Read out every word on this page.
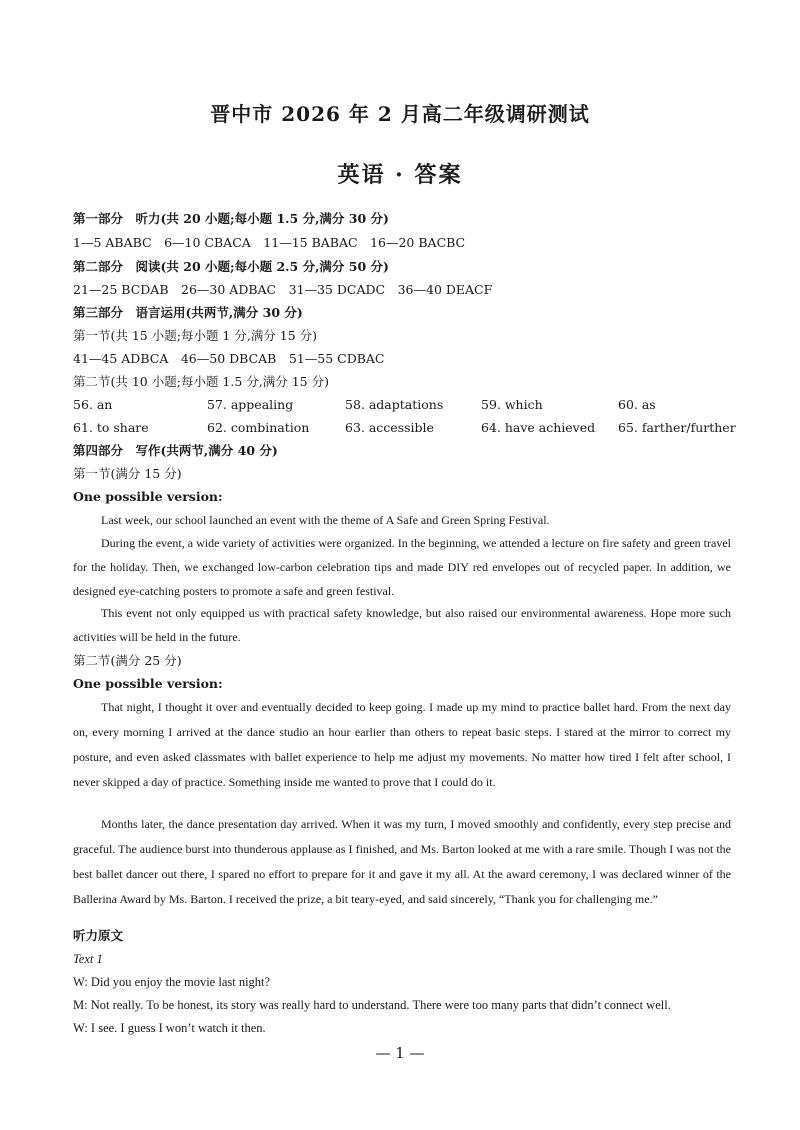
晋中市 2026 年 2 月高二年级调研测试
英语 · 答案
第一部分　听力(共 20 小题;每小题 1.5 分,满分 30 分)
1—5 ABABC　6—10 CBACA　11—15 BABAC　16—20 BACBC
第二部分　阅读(共 20 小题;每小题 2.5 分,满分 50 分)
21—25 BCDAB　26—30 ADBAC　31—35 DCADC　36—40 DEACF
第三部分　语言运用(共两节,满分 30 分)
第一节(共 15 小题;每小题 1 分,满分 15 分)
41—45 ADBCA　46—50 DBCAB　51—55 CDBAC
第二节(共 10 小题;每小题 1.5 分,满分 15 分)
56. an	57. appealing	58. adaptations	59. which	60. as
61. to share	62. combination	63. accessible	64. have achieved 65. farther/further
第四部分　写作(共两节,满分 40 分)
第一节(满分 15 分)
One possible version:
Last week, our school launched an event with the theme of A Safe and Green Spring Festival.
During the event, a wide variety of activities were organized. In the beginning, we attended a lecture on fire safety and green travel for the holiday. Then, we exchanged low-carbon celebration tips and made DIY red envelopes out of recycled paper. In addition, we designed eye-catching posters to promote a safe and green festival.
This event not only equipped us with practical safety knowledge, but also raised our environmental awareness. Hope more such activities will be held in the future.
第二节(满分 25 分)
One possible version:
That night, I thought it over and eventually decided to keep going. I made up my mind to practice ballet hard. From the next day on, every morning I arrived at the dance studio an hour earlier than others to repeat basic steps. I stared at the mirror to correct my posture, and even asked classmates with ballet experience to help me adjust my movements. No matter how tired I felt after school, I never skipped a day of practice. Something inside me wanted to prove that I could do it.
Months later, the dance presentation day arrived. When it was my turn, I moved smoothly and confidently, every step precise and graceful. The audience burst into thunderous applause as I finished, and Ms. Barton looked at me with a rare smile. Though I was not the best ballet dancer out there, I spared no effort to prepare for it and gave it my all. At the award ceremony, I was declared winner of the Ballerina Award by Ms. Barton. I received the prize, a bit teary-eyed, and said sincerely, “Thank you for challenging me.”
听力原文
Text 1
W: Did you enjoy the movie last night?
M: Not really. To be honest, its story was really hard to understand. There were too many parts that didn’t connect well.
W: I see. I guess I won’t watch it then.
— 1 —
